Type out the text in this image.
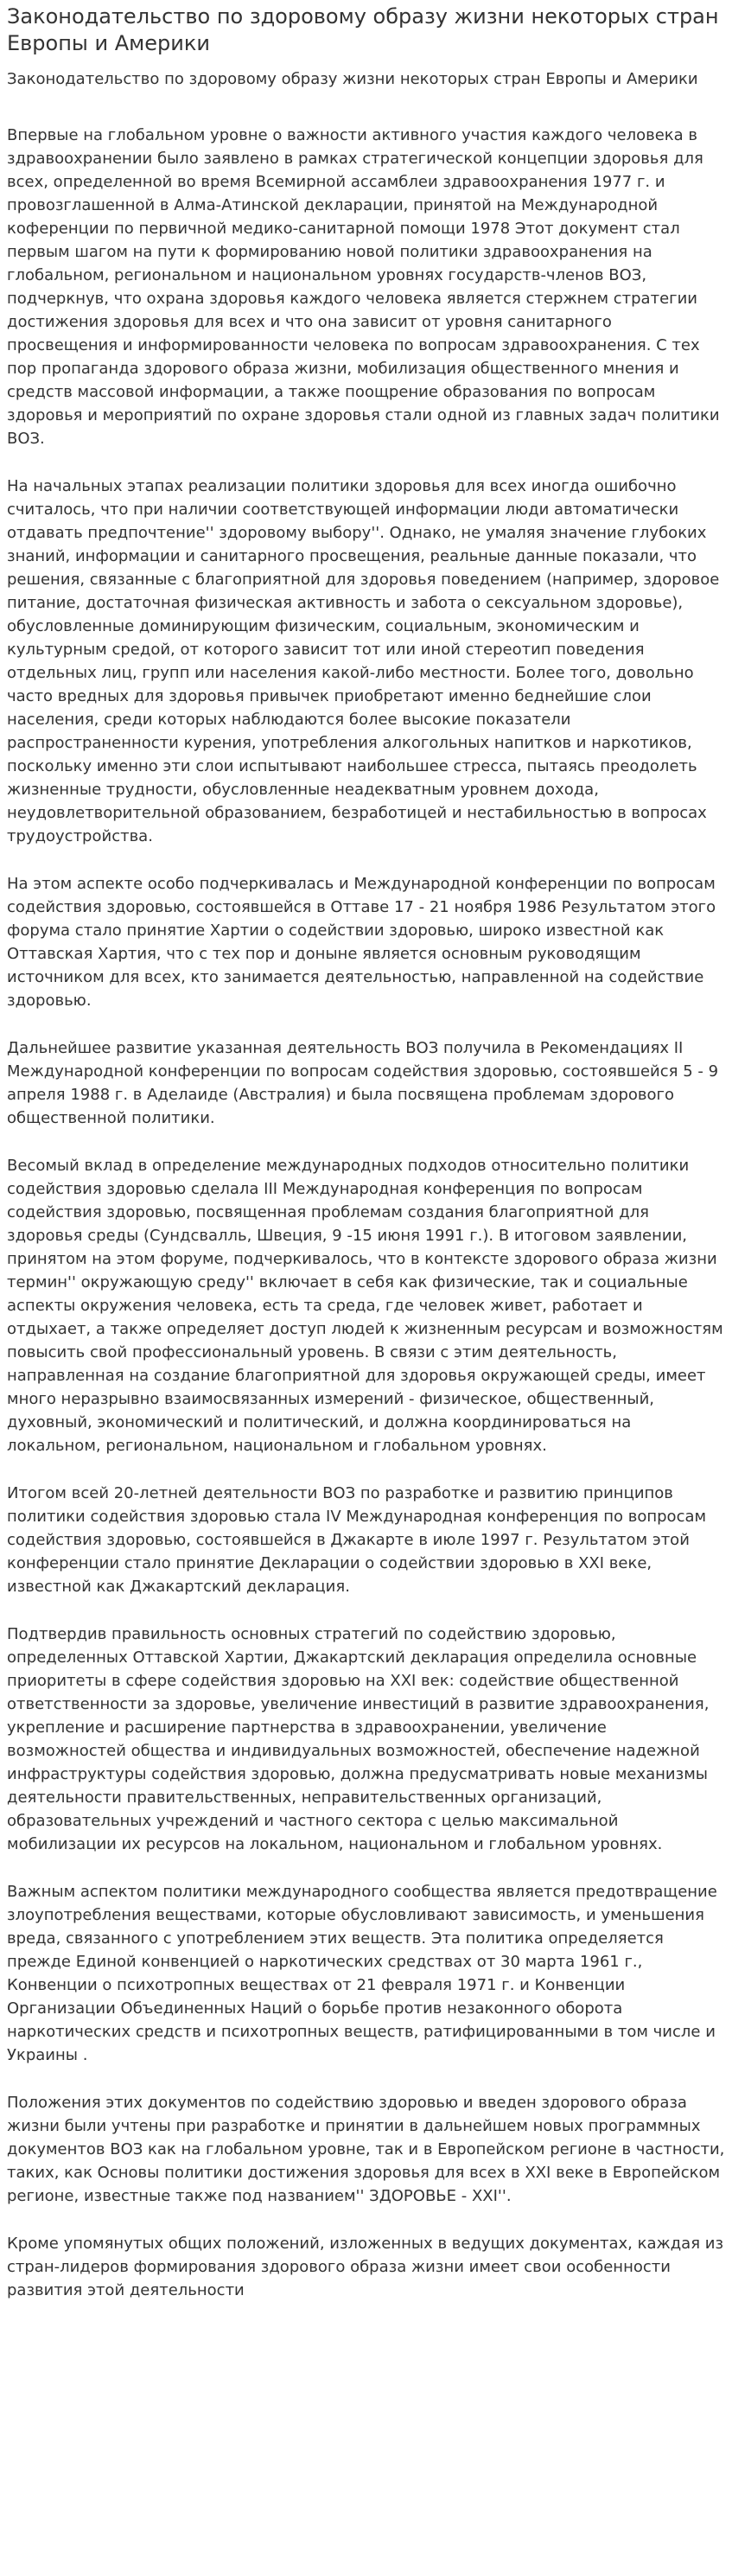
Законодательство по здоровому образу жизни некоторых стран Европы и Америки
Законодательство по здоровому образу жизни некоторых стран Европы и Америки

Впервые на глобальном уровне о важности активного участия каждого человека в здравоохранении было заявлено в рамках стратегической концепции здоровья для всех, определенной во время Всемирной ассамблеи здравоохранения 1977 г. и провозглашенной в Алма-Атинской декларации, принятой на Международной коференции по первичной медико-санитарной помощи 1978 Этот документ стал первым шагом на пути к формированию новой политики здравоохранения на глобальном, региональном и национальном уровнях государств-членов ВОЗ, подчеркнув, что охрана здоровья каждого человека является стержнем стратегии достижения здоровья для всех и что она зависит от уровня санитарного просвещения и информированности человека по вопросам здравоохранения. С тех пор пропаганда здорового образа жизни, мобилизация общественного мнения и средств массовой информации, а также поощрение образования по вопросам здоровья и мероприятий по охране здоровья стали одной из главных задач политики ВОЗ.

На начальных этапах реализации политики здоровья для всех иногда ошибочно считалось, что при наличии соответствующей информации люди автоматически отдавать предпочтение'' здоровому выбору''. Однако, не умаляя значение глубоких знаний, информации и санитарного просвещения, реальные данные показали, что решения, связанные с благоприятной для здоровья поведением (например, здоровое питание, достаточная физическая активность и забота о сексуальном здоровье), обусловленные доминирующим физическим, социальным, экономическим и культурным средой, от которого зависит тот или иной стереотип поведения отдельных лиц, групп или населения какой-либо местности. Более того, довольно часто вредных для здоровья привычек приобретают именно беднейшие слои населения, среди которых наблюдаются более высокие показатели распространенности курения, употребления алкогольных напитков и наркотиков, поскольку именно эти слои испытывают наибольшее стресса, пытаясь преодолеть жизненные трудности, обусловленные неадекватным уровнем дохода, неудовлетворительной образованием, безработицей и нестабильностью в вопросах трудоустройства.

На этом аспекте особо подчеркивалась и Международной конференции по вопросам содействия здоровью, состоявшейся в Оттаве 17 - 21 ноября 1986 Результатом этого форума стало принятие Хартии о содействии здоровью, широко известной как Оттавская Хартия, что с тех пор и доныне является основным руководящим источником для всех, кто занимается деятельностью, направленной на содействие здоровью.

Дальнейшее развитие указанная деятельность ВОЗ получила в Рекомендациях ІІ Международной конференции по вопросам содействия здоровью, состоявшейся 5 - 9 апреля 1988 г. в Аделаиде (Австралия) и была посвящена проблемам здорового общественной политики.

Весомый вклад в определение международных подходов относительно политики содействия здоровью сделала ІІІ Международная конференция по вопросам содействия здоровью, посвященная проблемам создания благоприятной для здоровья среды (Сундсвалль, Швеция, 9 -15 июня 1991 г.). В итоговом заявлении, принятом на этом форуме, подчеркивалось, что в контексте здорового образа жизни термин'' окружающую среду'' включает в себя как физические, так и социальные аспекты окружения человека, есть та среда, где человек живет, работает и отдыхает, а также определяет доступ людей к жизненным ресурсам и возможностям повысить свой профессиональный уровень. В связи с этим деятельность, направленная на создание благоприятной для здоровья окружающей среды, имеет много неразрывно взаимосвязанных измерений - физическое, общественный, духовный, экономический и политический, и должна координироваться на локальном, региональном, национальном и глобальном уровнях.

Итогом всей 20-летней деятельности ВОЗ по разработке и развитию принципов политики содействия здоровью стала ІV Международная конференция по вопросам содействия здоровью, состоявшейся в Джакарте в июле 1997 г. Результатом этой конференции стало принятие Декларации о содействии здоровью в XXI веке, известной как Джакартский декларация.

Подтвердив правильность основных стратегий по содействию здоровью, определенных Оттавской Хартии, Джакартский декларация определила основные приоритеты в сфере содействия здоровью на XXI век: содействие общественной ответственности за здоровье, увеличение инвестиций в развитие здравоохранения, укрепление и расширение партнерства в здравоохранении, увеличение возможностей общества и индивидуальных возможностей, обеспечение надежной инфраструктуры содействия здоровью, должна предусматривать новые механизмы деятельности правительственных, неправительственных организаций, образовательных учреждений и частного сектора с целью максимальной мобилизации их ресурсов на локальном, национальном и глобальном уровнях.

Важным аспектом политики международного сообщества является предотвращение злоупотребления веществами, которые обусловливают зависимость, и уменьшения вреда, связанного с употреблением этих веществ. Эта политика определяется прежде Единой конвенцией о наркотических средствах от 30 марта 1961 г., Конвенции о психотропных веществах от 21 февраля 1971 г. и Конвенции Организации Объединенных Наций о борьбе против незаконного оборота наркотических средств и психотропных веществ, ратифицированными в том числе и Украины .

Положения этих документов по содействию здоровью и введен здорового образа жизни были учтены при разработке и принятии в дальнейшем новых программных документов ВОЗ как на глобальном уровне, так и в Европейском регионе в частности, таких, как Основы политики достижения здоровья для всех в XXI веке в Европейском регионе, известные также под названием'' ЗДОРОВЬЕ - XXI''.

Кроме упомянутых общих положений, изложенных в ведущих документах, каждая из стран-лидеров формирования здорового образа жизни имеет свои особенности развития этой деятельности
